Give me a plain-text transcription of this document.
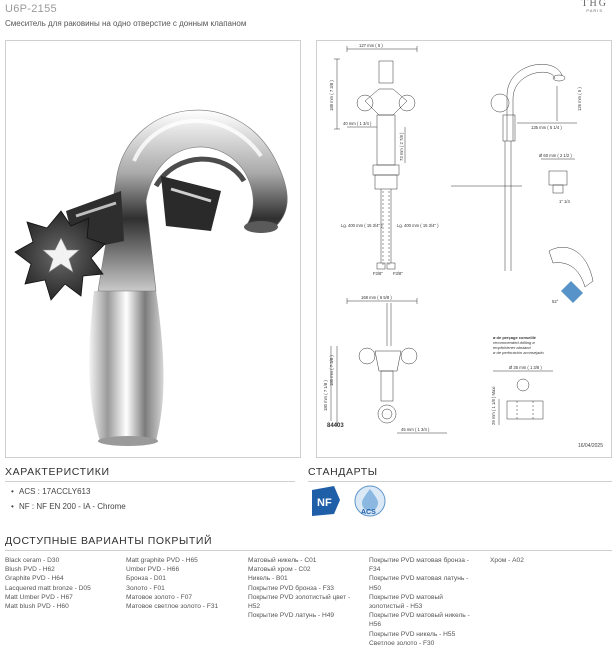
U6P-2155
Смеситель для раковины на одно отверстие с донным клапаном
THG
PARIS
127 mm ( 5 )
188 mm ( 7 3/8 )
40 mm ( 1 3/4 )
73 mm ( 2 7/8 )
126 mm ( 5 )
135 mm ( 5 1/4 )
Ø 60 mm ( 2 1/2 )
1" 1/4
Lg. 400 mm ( 15 3/4" )	Lg. 400 mm ( 15 3/4" )
F3/8" F3/8"
52°
168 mm ( 6 5/8 )
186 mm ( 7 3/8 )
180 mm ( 7 1/8 )
45 mm ( 1 3/4 )
Ø 35 mm ( 1 3/8 )
29 mm ( 1 1/8 ) Maxi
ø de perçage conseillé
recommended drilling ø
empfohlener abstand
ø de perforación aconsejado
84403
16/04/2025
ХАРАКТЕРИСТИКИ
• ACS : 17ACCLY613
• NF : NF EN 200 - IA - Chrome
СТАНДАРТЫ
NF
ACS
ДОСТУПНЫЕ ВАРИАНТЫ ПОКРЫТИЙ
Black ceram - D30
Blush PVD - H62
Graphite PVD - H64
Lacquered matt bronze - D05
Matt Umber PVD - H67
Matt blush PVD - H60
Matt graphite PVD - H65
Umber PVD - H66
Бронза - D01
Золото - F01
Матовое золото - F07
Матовое светлое золото - F31
Матовый никель - C01
Матовый хром - C02
Никель - B01
Покрытие PVD бронза - F33
Покрытие PVD золотистый цвет -
H52
Покрытие PVD латунь - H49
Покрытие PVD матовая бронза -
F34
Покрытие PVD матовая латунь -
H50
Покрытие PVD матовый
золотистый - H53
Покрытие PVD матовый никель -
H56
Покрытие PVD никель - H55
Светлое золото - F30
Хром - A02
